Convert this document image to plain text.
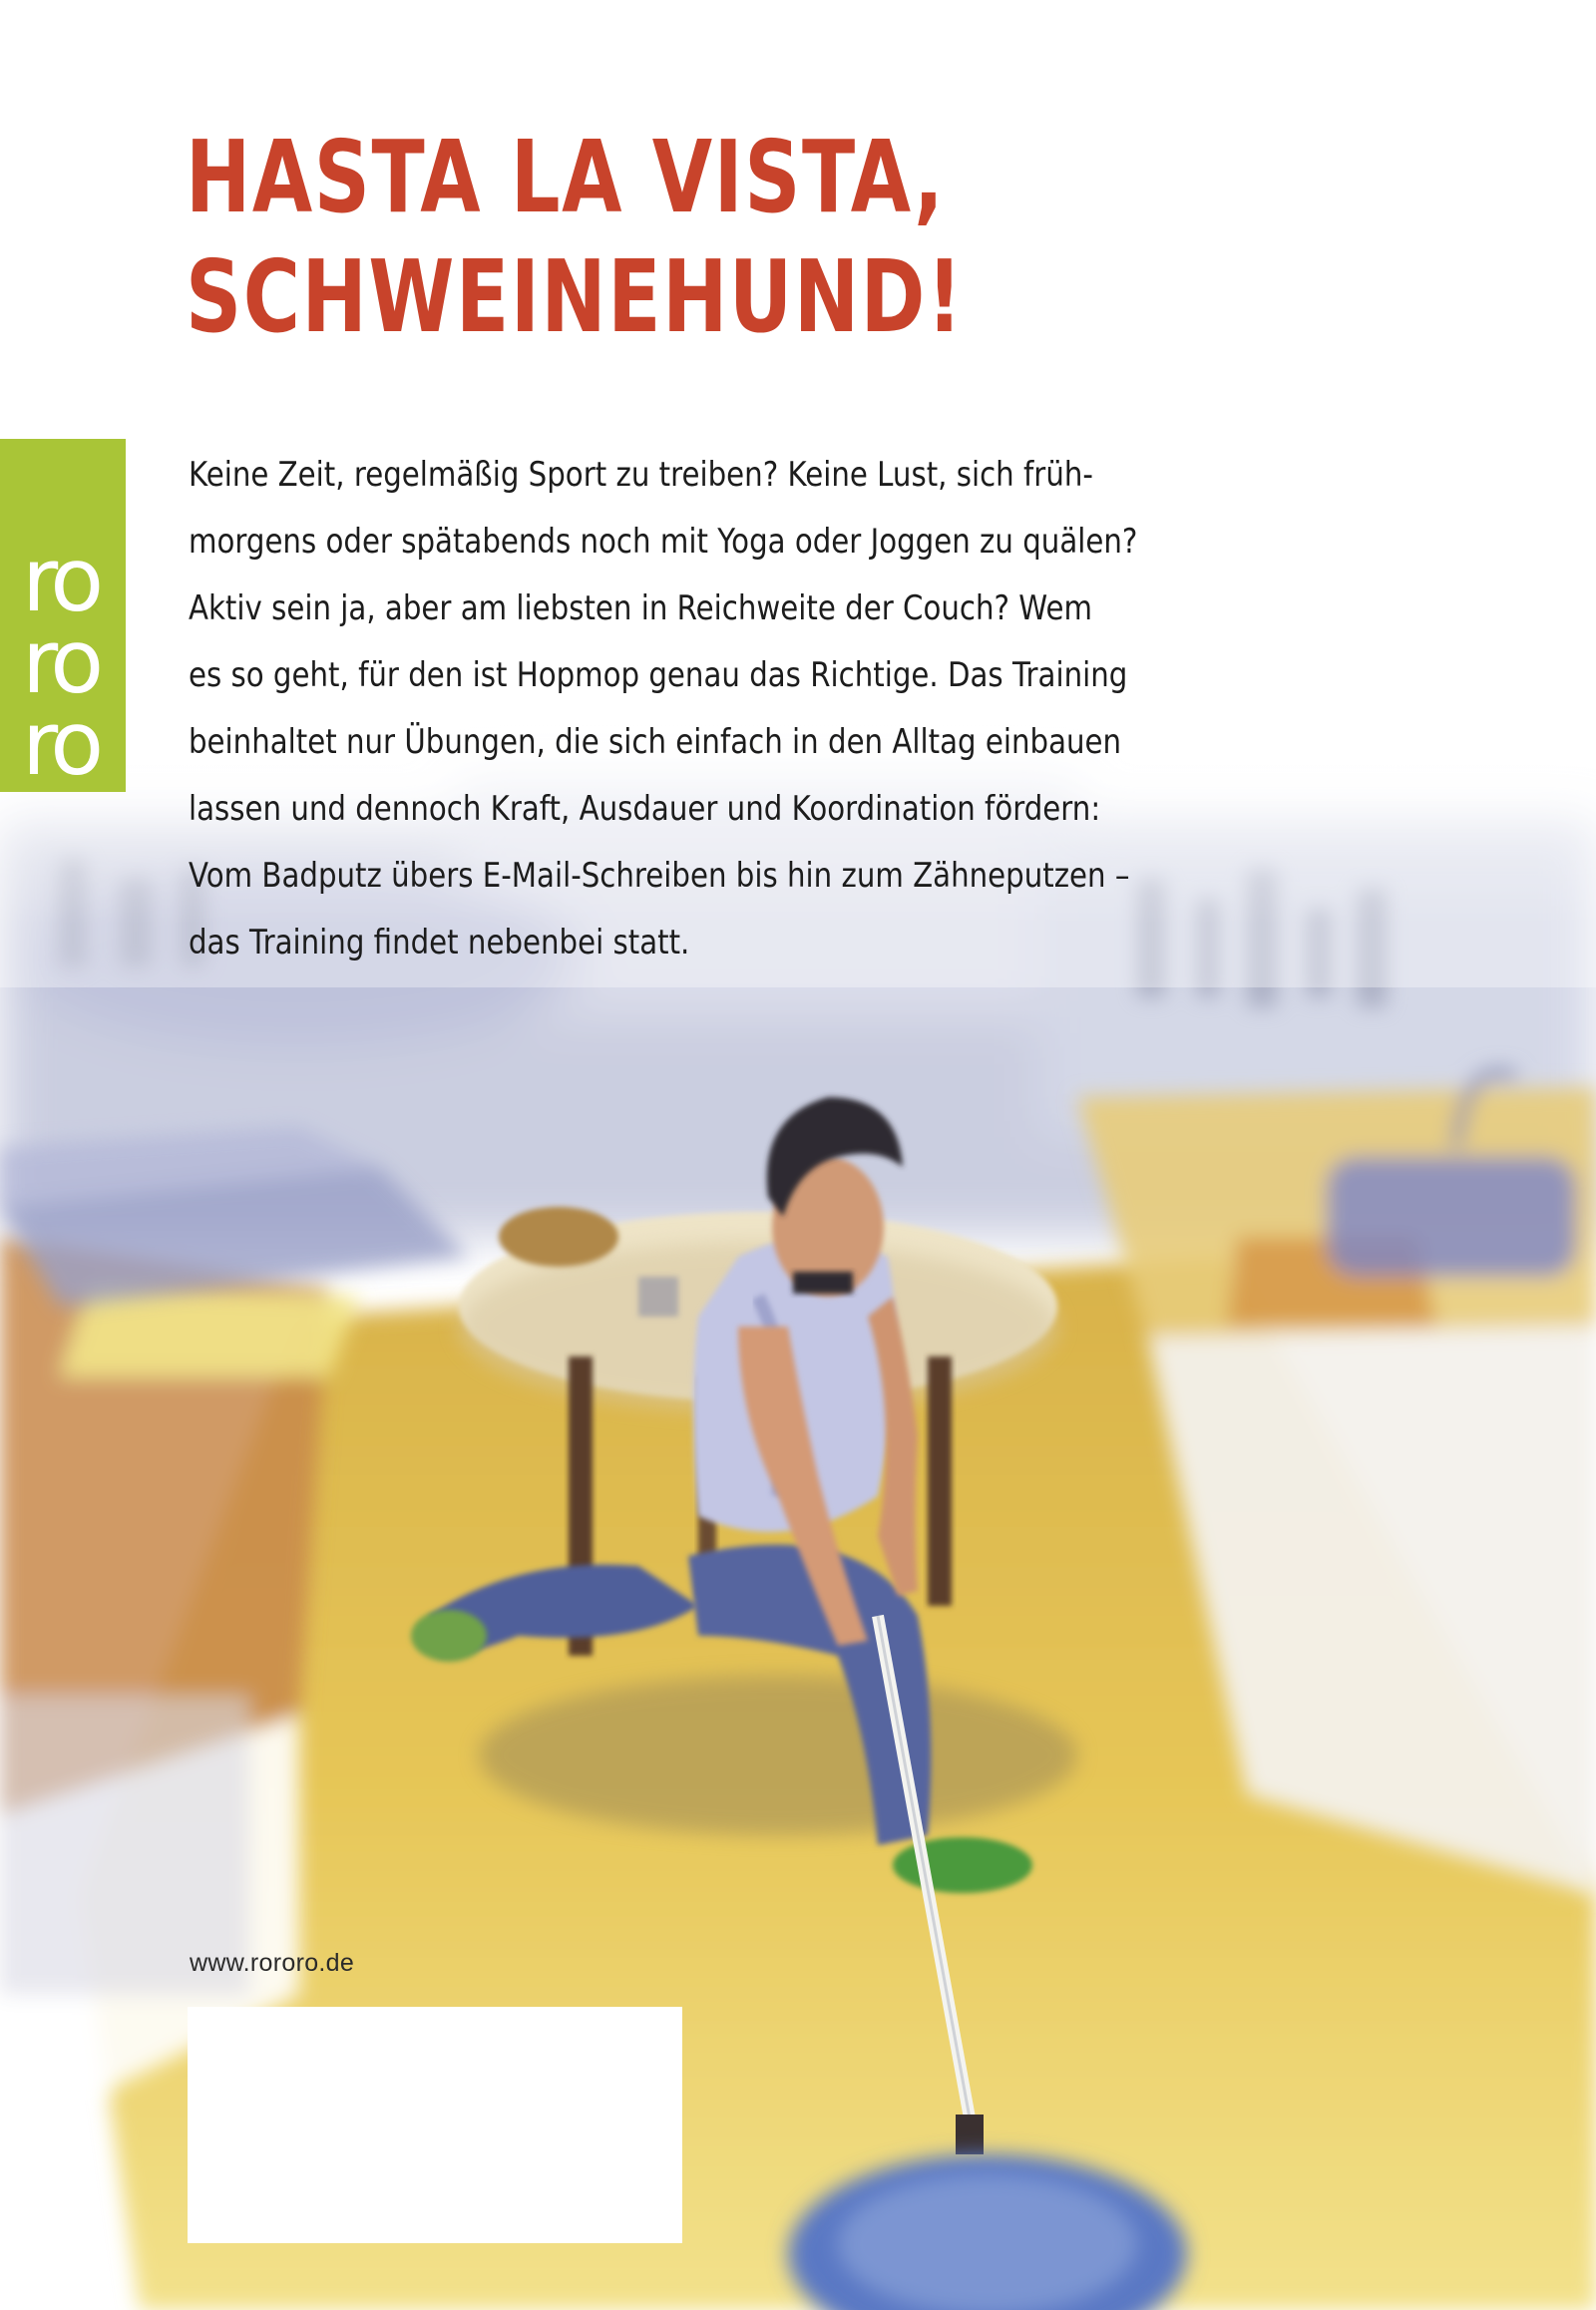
ro
ro
ro
HASTA LA VISTA,
SCHWEINEHUND!
Keine Zeit, regelmäßig Sport zu treiben? Keine Lust, sich früh-
morgens oder spätabends noch mit Yoga oder Joggen zu quälen?
Aktiv sein ja, aber am liebsten in Reichweite der Couch? Wem
es so geht, für den ist Hopmop genau das Richtige. Das Training
beinhaltet nur Übungen, die sich einfach in den Alltag einbauen
lassen und dennoch Kraft, Ausdauer und Koordination fördern:
Vom Badputz übers E-Mail-Schreiben bis hin zum Zähneputzen –
das Training findet nebenbei statt.
www.rororo.de
